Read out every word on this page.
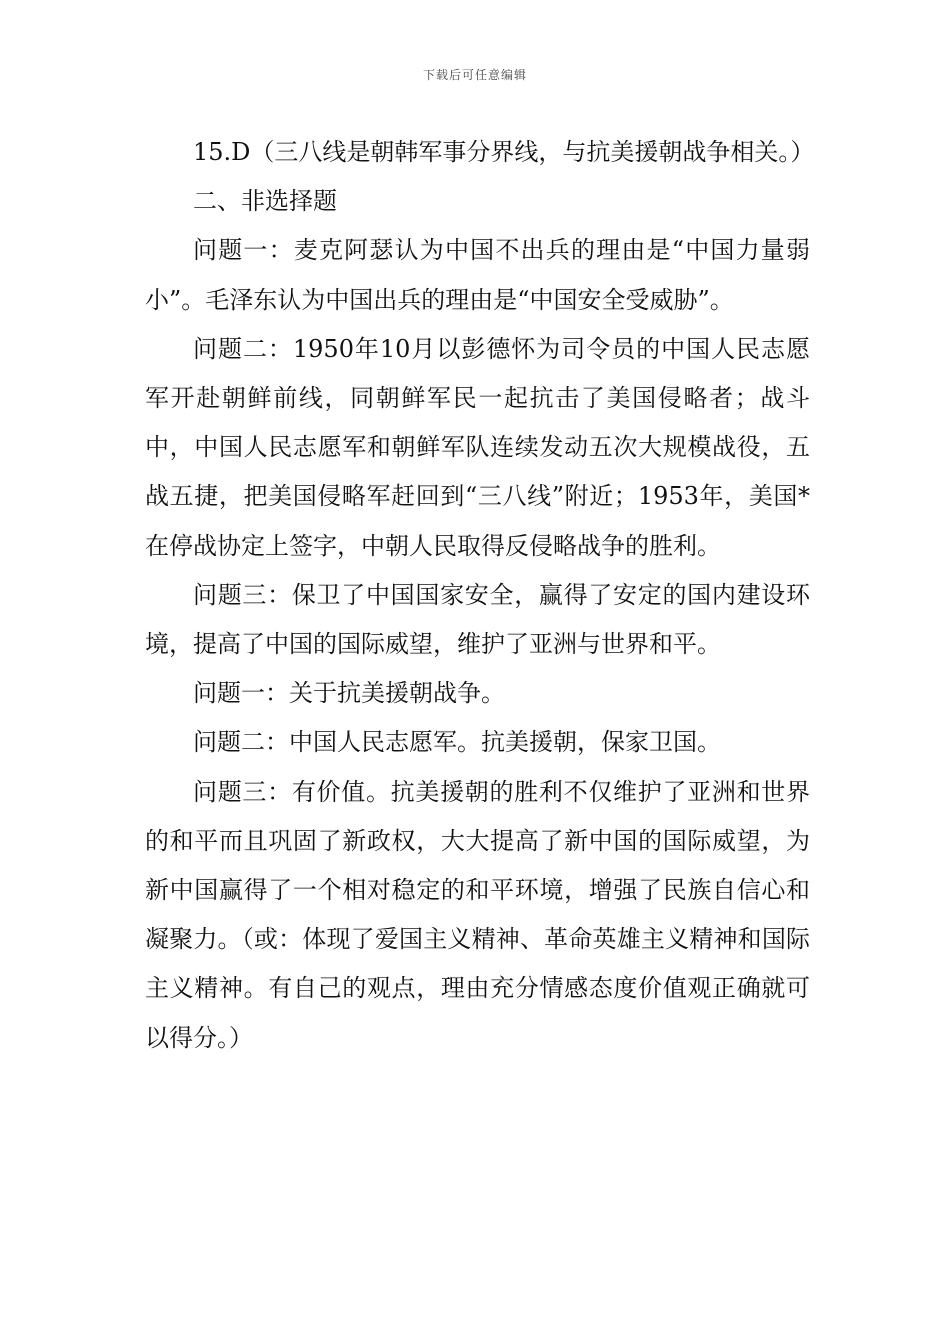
下载后可任意编辑

15.D（三八线是朝韩军事分界线，与抗美援朝战争相关。）

二、非选择题

问题一：麦克阿瑟认为中国不出兵的理由是“中国力量弱小”。毛泽东认为中国出兵的理由是“中国安全受威胁”。

问题二：1950年10月以彭德怀为司令员的中国人民志愿军开赴朝鲜前线，同朝鲜军民一起抗击了美国侵略者；战斗中，中国人民志愿军和朝鲜军队连续发动五次大规模战役，五战五捷，把美国侵略军赶回到“三八线”附近；1953年，美国*在停战协定上签字，中朝人民取得反侵略战争的胜利。

问题三：保卫了中国国家安全，赢得了安定的国内建设环境，提高了中国的国际威望，维护了亚洲与世界和平。

问题一：关于抗美援朝战争。

问题二：中国人民志愿军。抗美援朝，保家卫国。

问题三：有价值。抗美援朝的胜利不仅维护了亚洲和世界的和平而且巩固了新政权，大大提高了新中国的国际威望，为新中国赢得了一个相对稳定的和平环境，增强了民族自信心和凝聚力。（或：体现了爱国主义精神、革命英雄主义精神和国际主义精神。有自己的观点，理由充分情感态度价值观正确就可以得分。）
